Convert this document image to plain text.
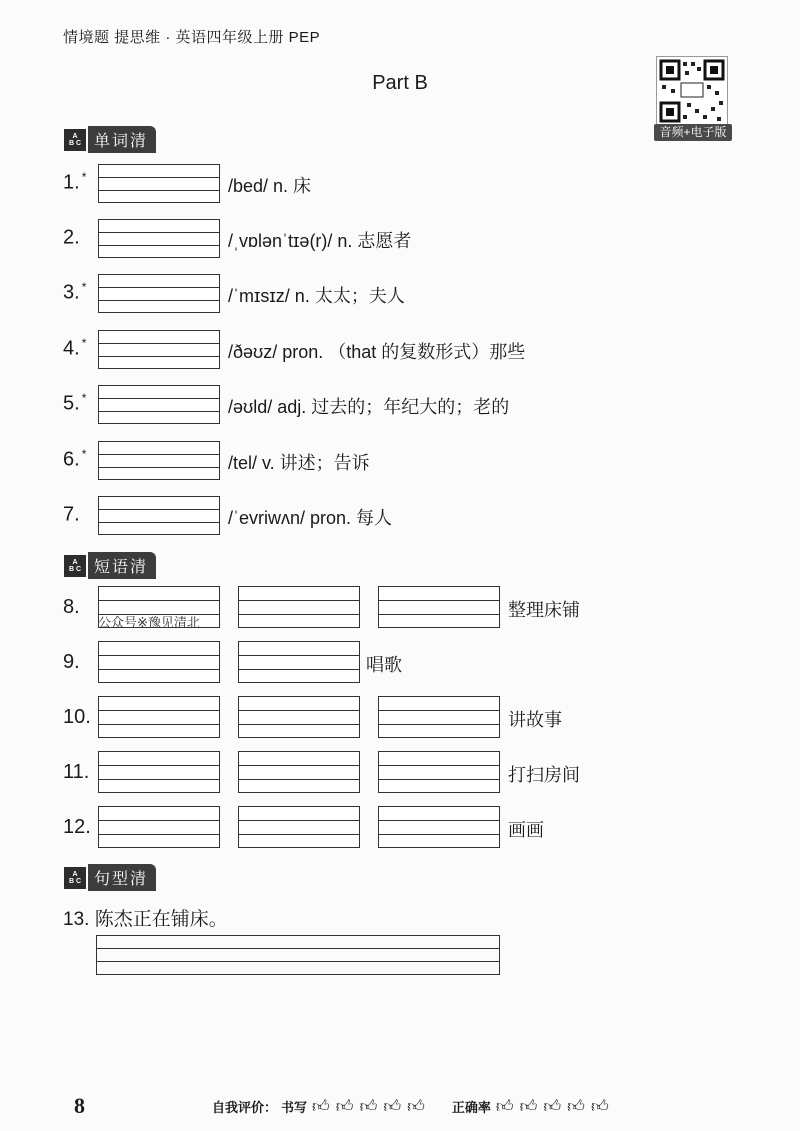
情境题 提思维 · 英语四年级上册 PEP
Part B
音频+电子版
A
B C 单词清
1. *	/bed/ n. 床
2.	/ˌvɒlənˈtɪə(r)/ n. 志愿者
3. *	/ˈmɪsɪz/ n. 太太；夫人
4. *	/ðəʊz/ pron. （that 的复数形式）那些
5. *	/əʊld/ adj. 过去的；年纪大的；老的
6. *	/tel/ v. 讲述；告诉
7.	/ˈevriwʌn/ pron. 每人
A
B C 短语清
8.	整理床铺
公众号※豫见清北
9.	唱歌
10.	讲故事
11.	打扫房间
12.	画画
A
B C 句型清
13. 陈杰正在铺床。
8	自我评价： 书写 👍︎ 👍︎ 👍︎ 👍︎ 👍︎ 正确率 👍︎ 👍︎ 👍︎ 👍︎ 👍︎
